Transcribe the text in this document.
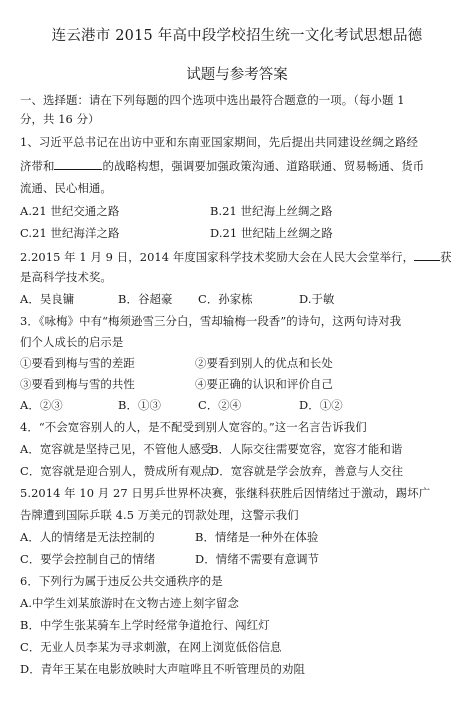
连云港市 2015 年高中段学校招生统一文化考试思想品德
试题与参考答案
一、选择题：请在下列每题的四个选项中选出最符合题意的一项。（每小题 1
分，共 16 分）
1、习近平总书记在出访中亚和东南亚国家期间，先后提出共同建设丝绸之路经
济带和	的战略构想，强调要加强政策沟通、道路联通、贸易畅通、货币
流通、民心相通。
A.21 世纪交通之路	B.21 世纪海上丝绸之路
C.21 世纪海洋之路	D.21 世纪陆上丝绸之路
2.2015 年 1 月 9 日，2014 年度国家科学技术奖励大会在人民大会堂举行， 获
是高科学技术奖。
A．吴良镛	B．谷超豪 C．孙家栋	D.于敏
3．《咏梅》中有“梅须逊雪三分白，雪却输梅一段香”的诗句，这两句诗对我
们个人成长的启示是
①要看到梅与雪的差距	②要看到别人的优点和长处
③要看到梅与雪的共性	④要正确的认识和评价自己
A．②③	B．①③	C．②④	D．①②
4．“不会宽容别人的人，是不配受到别人宽容的。”这一名言告诉我们
A．宽容就是坚持己见，不管他人感受
B．人际交往需要宽容，宽容才能和谐
C．宽容就是迎合别人，赞成所有观点
D．宽容就是学会放弃，善意与人交往
5.2014 年 10 月 27 日男乒世界杯决赛，张继科获胜后因情绪过于激动，踢坏广
告牌遭到国际乒联 4.5 万美元的罚款处理，这警示我们
A．人的情绪是无法控制的	B．情绪是一种外在体验
C．要学会控制自己的情绪	D．情绪不需要有意调节
6．下列行为属于违反公共交通秩序的是
A.中学生刘某旅游时在文物古迹上刻字留念
B．中学生张某骑车上学时经常争道抢行、闯红灯
C．无业人员李某为寻求刺激，在网上浏览低俗信息
D．青年王某在电影放映时大声喧哗且不听管理员的劝阻
